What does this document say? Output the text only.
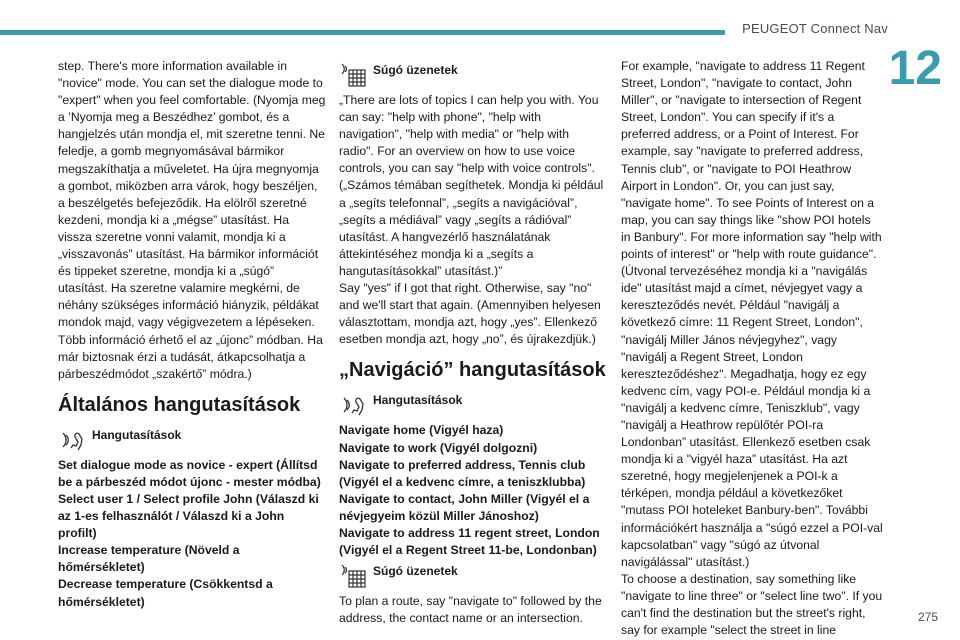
PEUGEOT Connect Nav
12

step. There's more information available in "novice" mode. You can set the dialogue mode to "expert" when you feel comfortable. (Nyomja meg a ’Nyomja meg a Beszédhez’ gombot, és a hangjelzés után mondja el, mit szeretne tenni. Ne feledje, a gomb megnyomásával bármikor megszakíthatja a műveletet. Ha újra megnyomja a gombot, miközben arra várok, hogy beszéljen, a beszélgetés befejeződik. Ha elölről szeretné kezdeni, mondja ki a „mégse” utasítást. Ha vissza szeretne vonni valamit, mondja ki a „visszavonás” utasítást. Ha bármikor információt és tippeket szeretne, mondja ki a „súgó” utasítást. Ha szeretne valamire megkérni, de néhány szükséges információ hiányzik, példákat mondok majd, vagy végigvezetem a lépéseken. Több információ érhető el az „újonc” módban. Ha már biztosnak érzi a tudását, átkapcsolhatja a párbeszédmódot „szakértő” módra.)

Általános hangutasítások
Hangutasítások

Set dialogue mode as novice - expert (Állítsd be a párbeszéd módot újonc - mester módba)

Select user 1 / Select profile John (Válaszd ki az 1-es felhasználót / Válaszd ki a John profilt)

Increase temperature (Növeld a hőmérsékletet)

Decrease temperature (Csökkentsd a hőmérsékletet)

Súgó üzenetek

„There are lots of topics I can help you with. You can say: "help with phone", "help with navigation", "help with media" or "help with radio". For an overview on how to use voice controls, you can say "help with voice controls". („Számos témában segíthetek. Mondja ki például a „segíts telefonnal”, „segíts a navigációval”, „segíts a médiával” vagy „segíts a rádióval” utasítást. A hangvezérlő használatának áttekintéséhez mondja ki a „segíts a hangutasításokkal” utasítást.)”

Say "yes" if I got that right. Otherwise, say "no" and we'll start that again. (Amennyiben helyesen választottam, mondja azt, hogy „yes”. Ellenkező esetben mondja azt, hogy „no”, és újrakezdjük.)

„Navigáció” hangutasítások
Hangutasítások

Navigate home (Vigyél haza)

Navigate to work (Vigyél dolgozni)

Navigate to preferred address, Tennis club (Vigyél el a kedvenc címre, a teniszklubba)

Navigate to contact, John Miller (Vigyél el a névjegyeim közül Miller Jánoshoz)

Navigate to address 11 regent street, London (Vigyél el a Regent Street 11-be, Londonban)

Súgó üzenetek

To plan a route, say "navigate to" followed by the address, the contact name or an intersection.

For example, "navigate to address 11 Regent Street, London", "navigate to contact, John Miller", or "navigate to intersection of Regent Street, London". You can specify if it's a preferred address, or a Point of Interest. For example, say "navigate to preferred address, Tennis club", or "navigate to POI Heathrow Airport in London". Or, you can just say, "navigate home". To see Points of Interest on a map, you can say things like "show POI hotels in Banbury". For more information say "help with points of interest" or "help with route guidance". (Útvonal tervezéséhez mondja ki a "navigálás ide" utasítást majd a címet, névjegyet vagy a kereszteződés nevét. Például "navigálj a következő címre: 11 Regent Street, London", "navigálj Miller János névjegyhez", vagy "navigálj a Regent Street, London kereszteződéshez". Megadhatja, hogy ez egy kedvenc cím, vagy POI-e. Például mondja ki a "navigálj a kedvenc címre, Teniszklub", vagy "navigálj a Heathrow repülőtér POI-ra Londonban” utasítást. Ellenkező esetben csak mondja ki a "vigyél haza” utasítást. Ha azt szeretné, hogy megjelenjenek a POI-k a térképen, mondja például a következőket "mutass POI hoteleket Banbury-ben". További információkért használja a "súgó ezzel a POI-val kapcsolatban" vagy "súgó az útvonal navigálással" utasítást.)

To choose a destination, say something like "navigate to line three" or "select line two". If you can't find the destination but the street's right, say for example "select the street in line

275
